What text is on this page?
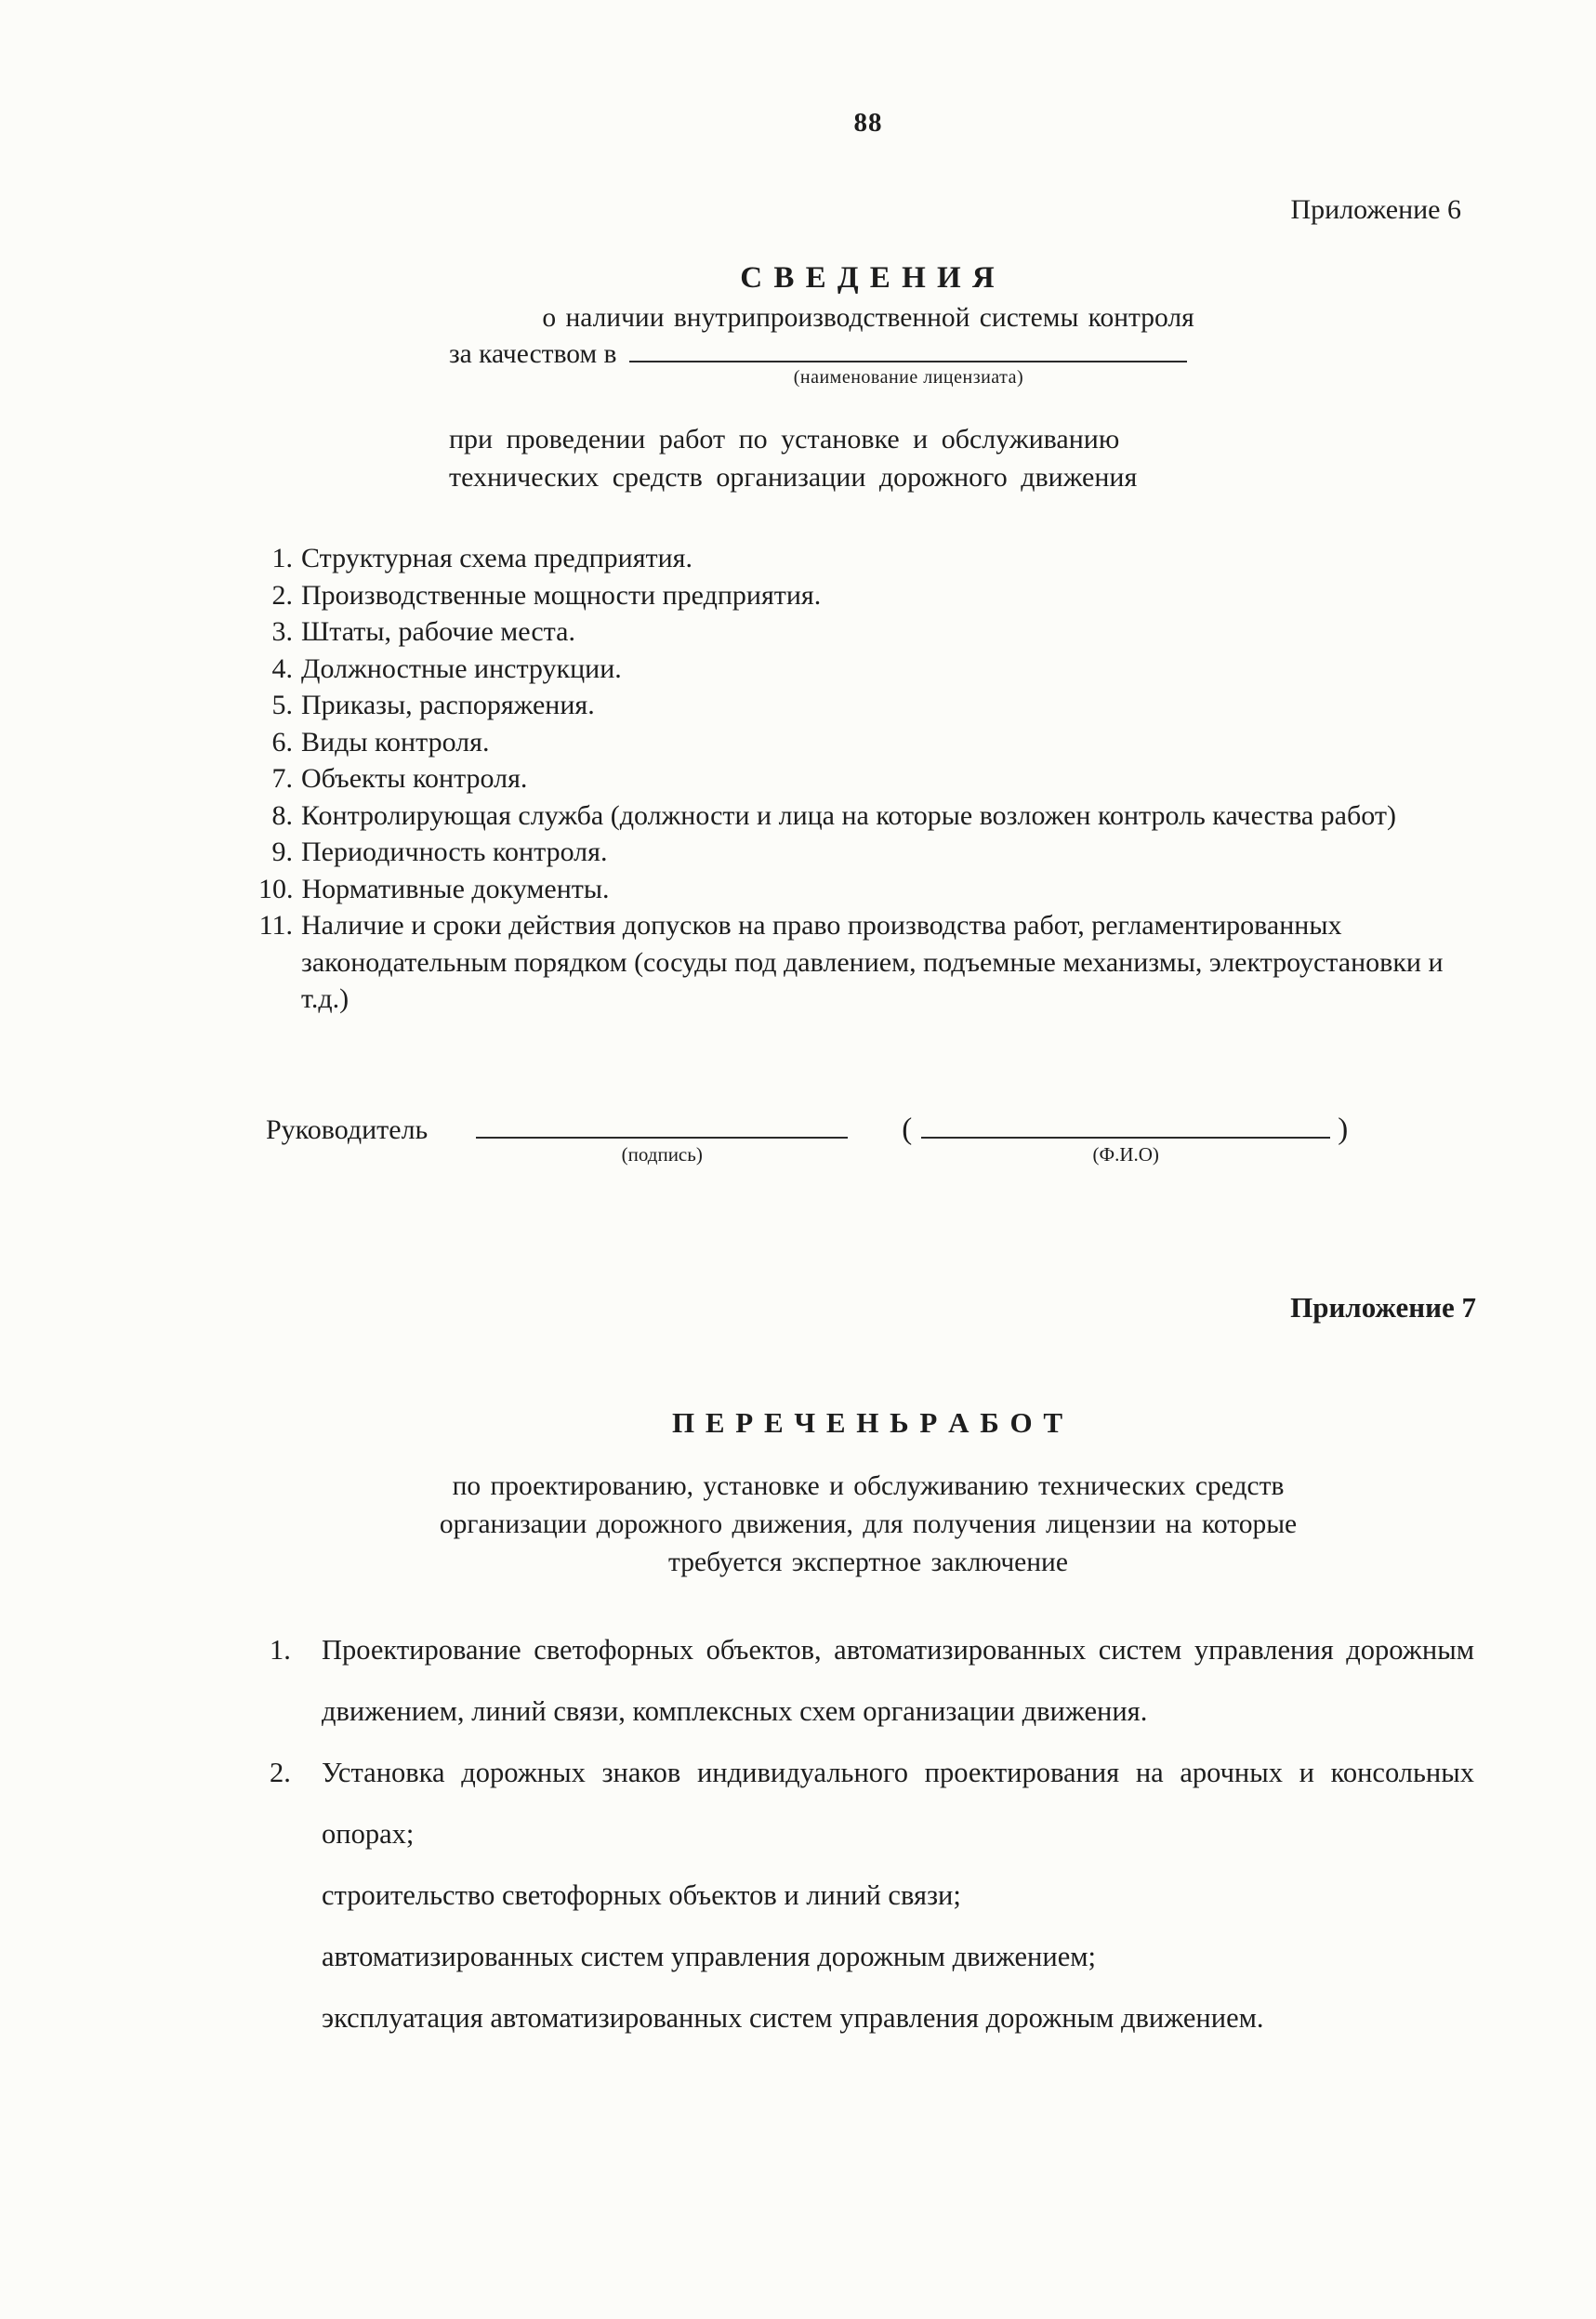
88
Приложение 6
С В Е Д Е Н И Я
о наличии внутрипроизводственной системы контроля
за качеством в
(наименование лицензиата)
при проведении работ по установке и обслуживанию
технических средств организации дорожного движения
1. Структурная схема предприятия.
2. Производственные мощности предприятия.
3. Штаты, рабочие места.
4. Должностные инструкции.
5. Приказы, распоряжения.
6. Виды контроля.
7. Объекты контроля.
8. Контролирующая служба (должности и лица на которые возложен контроль качества работ)
9. Периодичность контроля.
10. Нормативные документы.
11. Наличие и сроки действия допусков на право производства работ, регламентированных законодательным порядком (сосуды под давлением, подъемные механизмы, электроустановки и т.д.)
Руководитель
(подпись)
(
(Ф.И.О)
)
Приложение 7
П Е Р Е Ч Е Н Ь Р А Б О Т
по проектированию, установке и обслуживанию технических средств
организации дорожного движения, для получения лицензии на которые
требуется экспертное заключение
1.	Проектирование светофорных объектов, автоматизированных систем управления дорожным движением, линий связи, комплексных схем организации движения.
2.	Установка дорожных знаков индивидуального проектирования на арочных и консольных опорах;
строительство светофорных объектов и линий связи;
автоматизированных систем управления дорожным движением;
эксплуатация автоматизированных систем управления дорожным движением.
